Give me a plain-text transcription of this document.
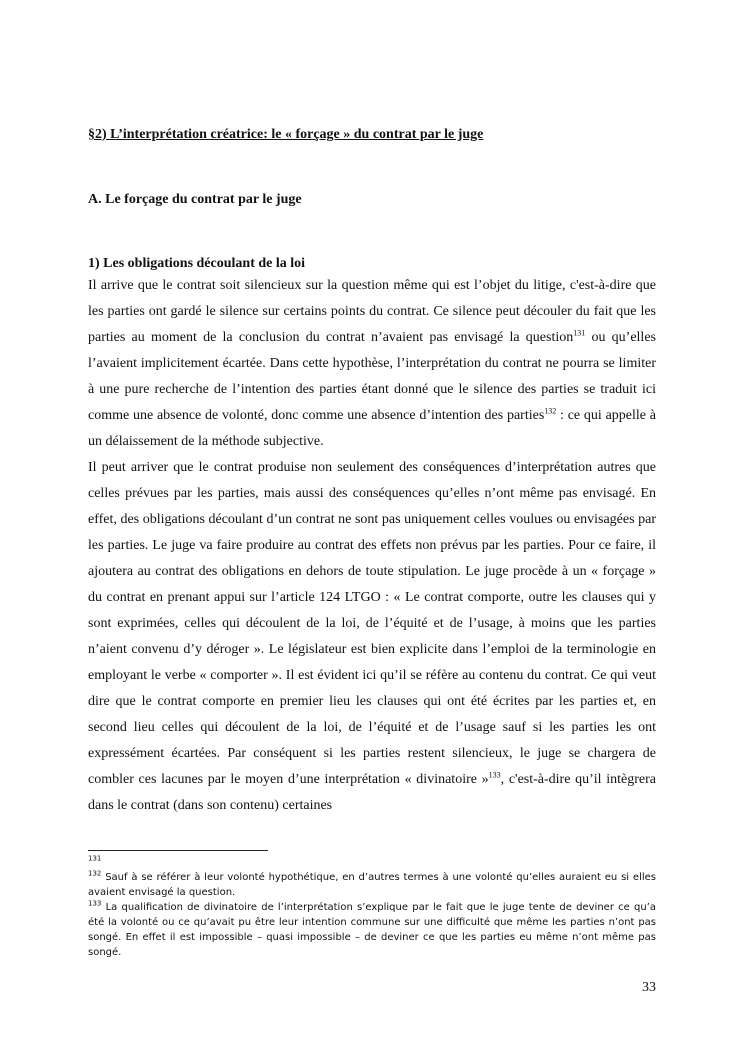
§2) L’interprétation créatrice: le « forçage » du contrat par le juge
A. Le forçage du contrat par le juge
1) Les obligations découlant de la loi

Il arrive que le contrat soit silencieux sur la question même qui est l’objet du litige, c'est-à-dire que les parties ont gardé le silence sur certains points du contrat. Ce silence peut découler du fait que les parties au moment de la conclusion du contrat n’avaient pas envisagé la question$^{131}$ ou qu’elles l’avaient implicitement écartée. Dans cette hypothèse, l’interprétation du contrat ne pourra se limiter à une pure recherche de l’intention des parties étant donné que le silence des parties se traduit ici comme une absence de volonté, donc comme une absence d’intention des parties$^{132}$ : ce qui appelle à un délaissement de la méthode subjective.

Il peut arriver que le contrat produise non seulement des conséquences d’interprétation autres que celles prévues par les parties, mais aussi des conséquences qu’elles n’ont même pas envisagé. En effet, des obligations découlant d’un contrat ne sont pas uniquement celles voulues ou envisagées par les parties. Le juge va faire produire au contrat des effets non prévus par les parties. Pour ce faire, il ajoutera au contrat des obligations en dehors de toute stipulation. Le juge procède à un « forçage » du contrat en prenant appui sur l’article 124 LTGO : « Le contrat comporte, outre les clauses qui y sont exprimées, celles qui découlent de la loi, de l’équité et de l’usage, à moins que les parties n’aient convenu d’y déroger ». Le législateur est bien explicite dans l’emploi de la terminologie en employant le verbe « comporter ». Il est évident ici qu’il se réfère au contenu du contrat. Ce qui veut dire que le contrat comporte en premier lieu les clauses qui ont été écrites par les parties et, en second lieu celles qui découlent de la loi, de l’équité et de l’usage sauf si les parties les ont expressément écartées. Par conséquent si les parties restent silencieux, le juge se chargera de combler ces lacunes par le moyen d’une interprétation « divinatoire »$^{133}$, c'est-à-dire qu’il intègrera dans le contrat (dans son contenu) certaines

$^{131}$

$^{132}$ Sauf à se référer à leur volonté hypothétique, en d’autres termes à une volonté qu’elles auraient eu si elles avaient envisagé la question.

$^{133}$ La qualification de divinatoire de l’interprétation s’explique par le fait que le juge tente de deviner ce qu’a été la volonté ou ce qu’avait pu être leur intention commune sur une difficulté que même les parties n’ont pas songé. En effet il est impossible – quasi impossible – de deviner ce que les parties eu même n’ont même pas songé.

33
